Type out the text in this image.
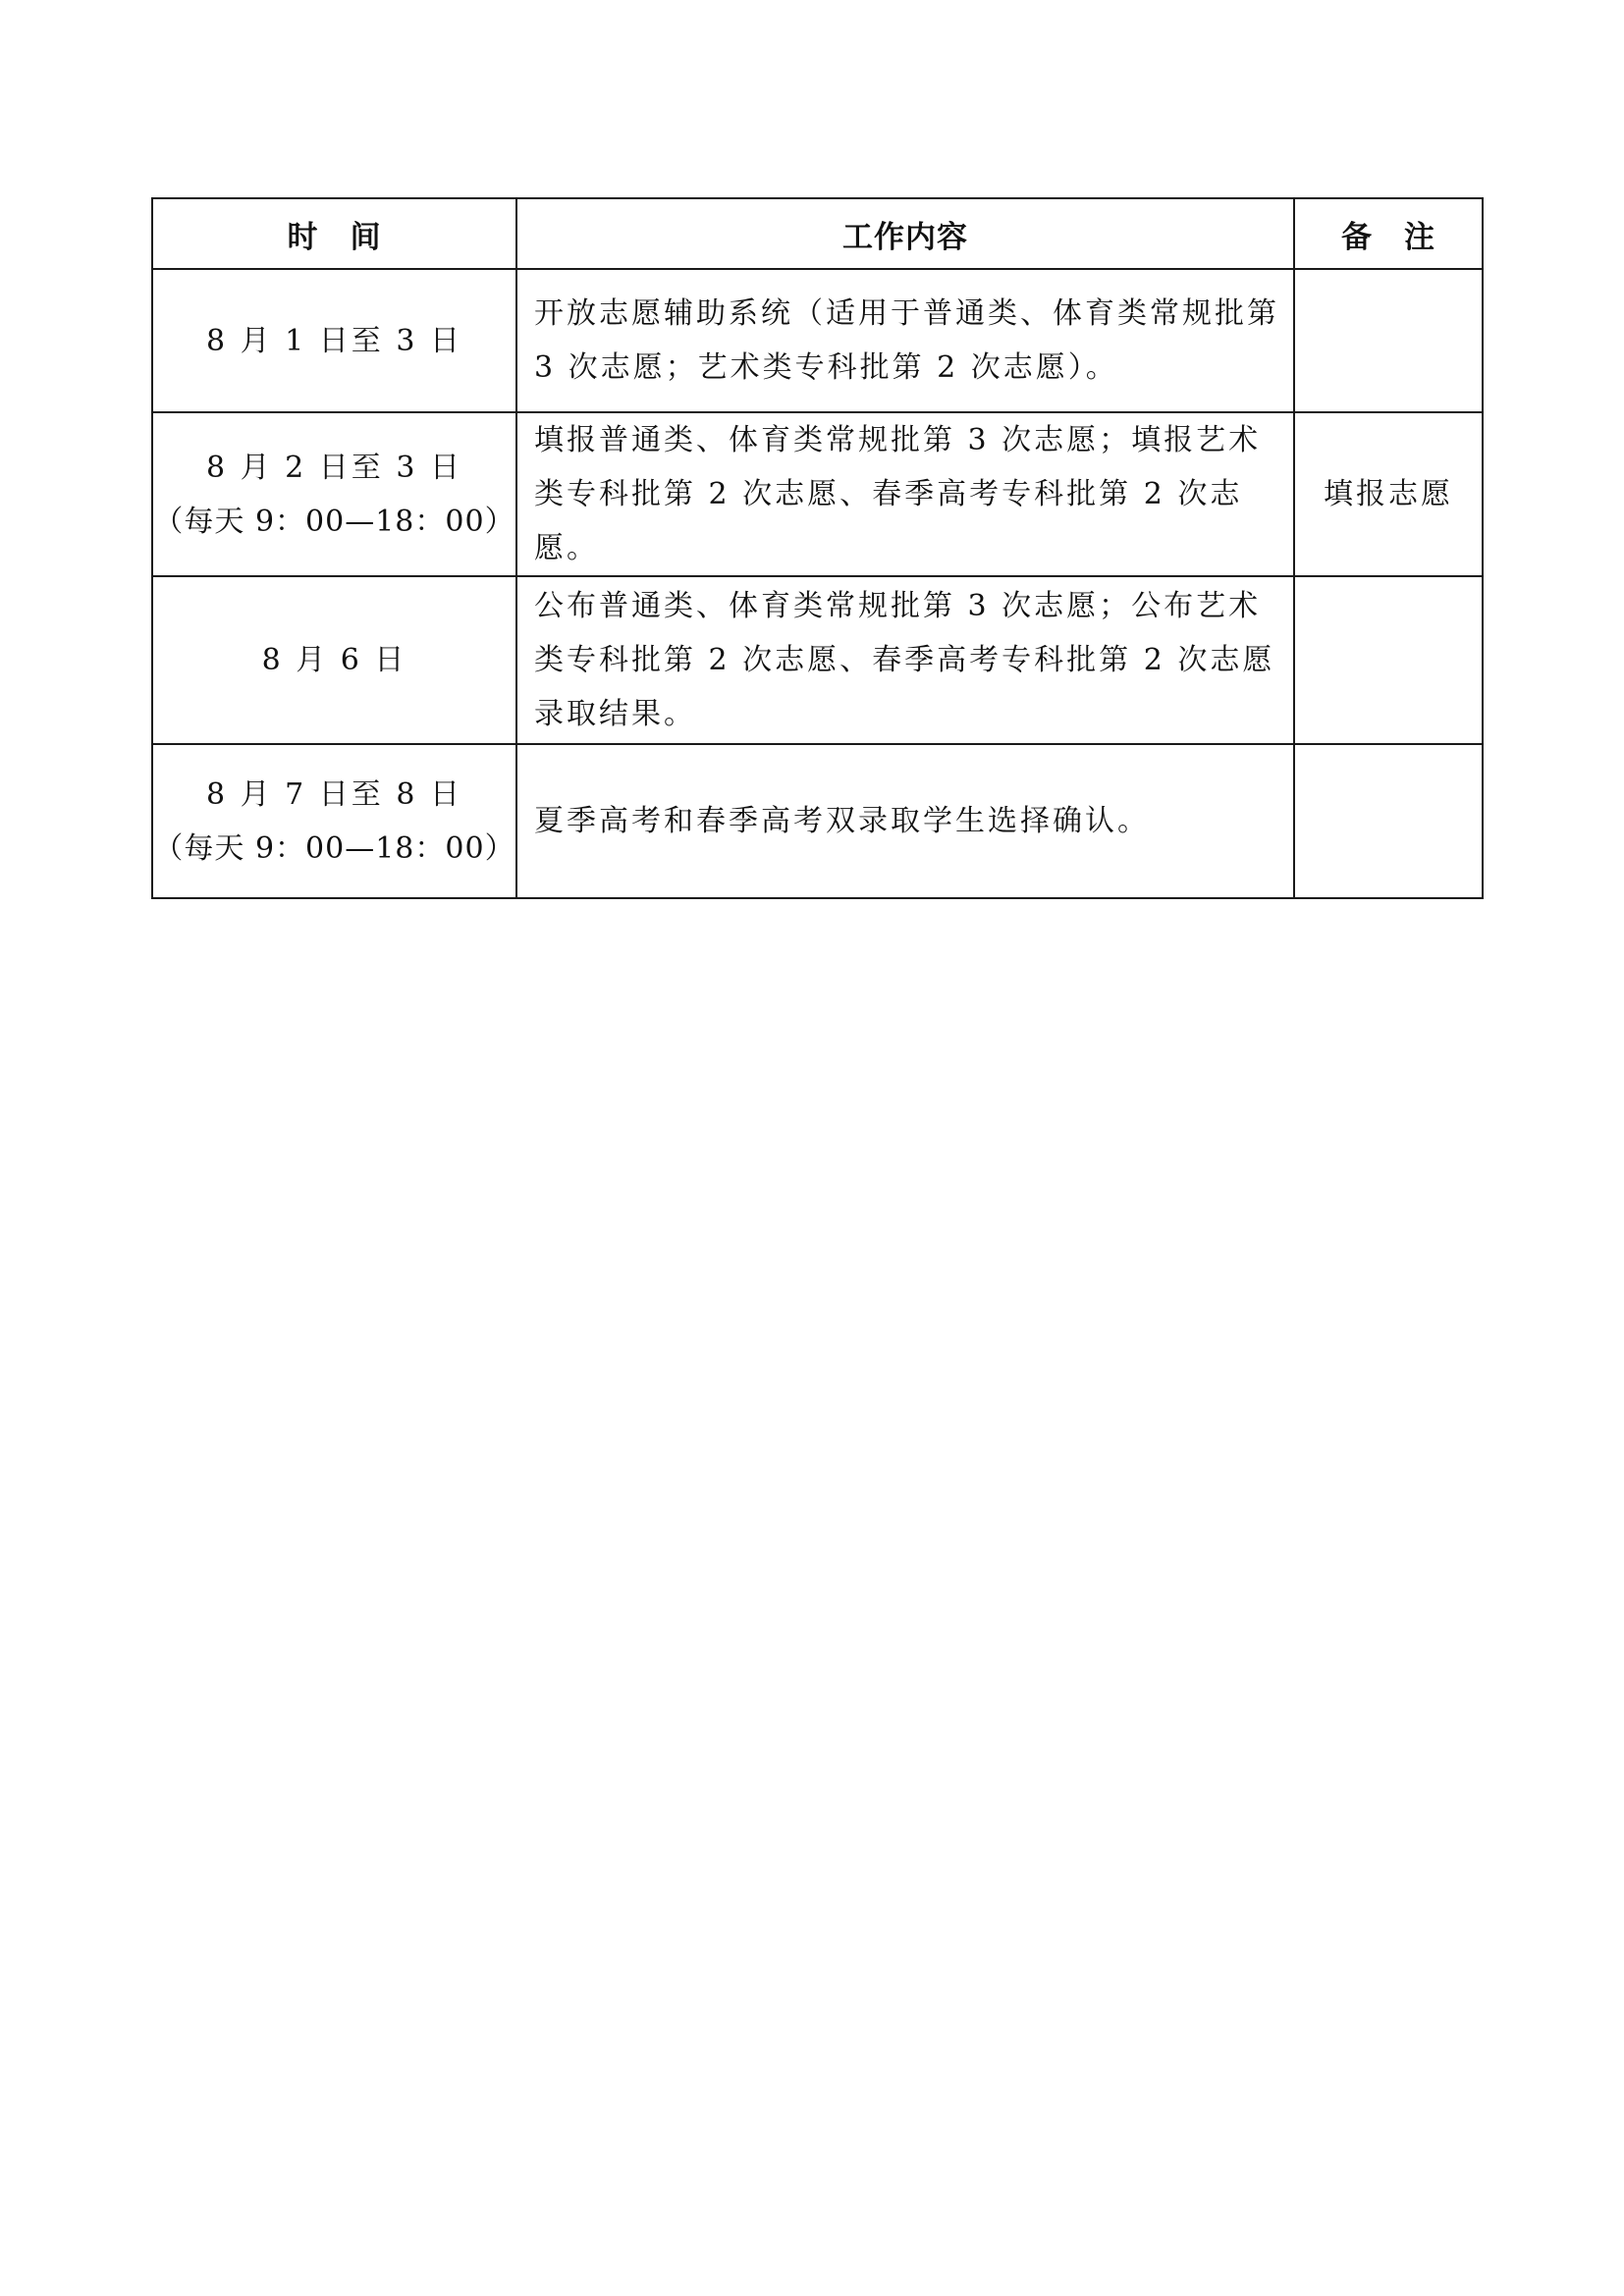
时　间	工作内容	备　注

8 月 1 日至 3 日	开放志愿辅助系统（适用于普通类、体育类常规批第 3 次志愿；艺术类专科批第 2 次志愿）。	

8 月 2 日至 3 日
（每天 9：00—18：00）	填报普通类、体育类常规批第 3 次志愿；填报艺术类专科批第 2 次志愿、春季高考专科批第 2 次志愿。	填报志愿

8 月 6 日	公布普通类、体育类常规批第 3 次志愿；公布艺术类专科批第 2 次志愿、春季高考专科批第 2 次志愿录取结果。	

8 月 7 日至 8 日
（每天 9：00—18：00）	夏季高考和春季高考双录取学生选择确认。	
